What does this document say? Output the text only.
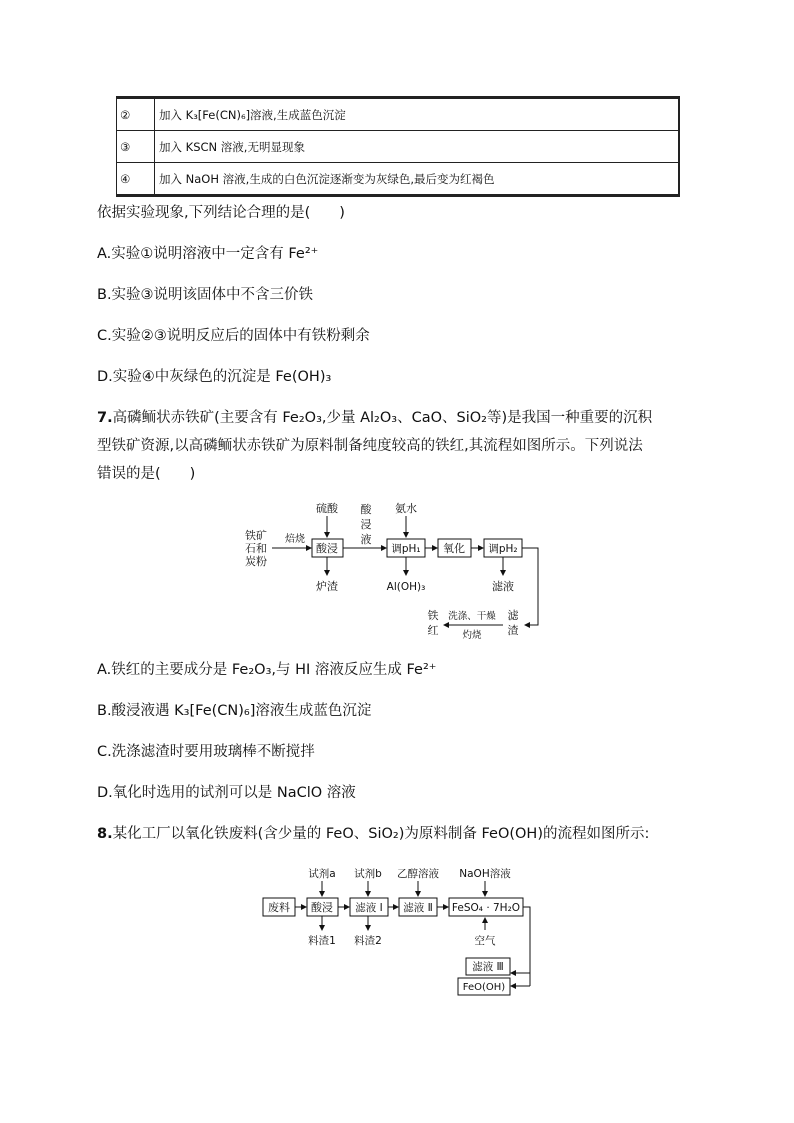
②	加入 K₃[Fe(CN)₆]溶液,生成蓝色沉淀
③	加入 KSCN 溶液,无明显现象
④	加入 NaOH 溶液,生成的白色沉淀逐渐变为灰绿色,最后变为红褐色
依据实验现象,下列结论合理的是(　　)
A.实验①说明溶液中一定含有 Fe²⁺
B.实验③说明该固体中不含三价铁
C.实验②③说明反应后的固体中有铁粉剩余
D.实验④中灰绿色的沉淀是 Fe(OH)₃
7.高磷鲕状赤铁矿(主要含有 Fe₂O₃,少量 Al₂O₃、CaO、SiO₂等)是我国一种重要的沉积
型铁矿资源,以高磷鲕状赤铁矿为原料制备纯度较高的铁红,其流程如图所示。下列说法
错误的是(　　)
铁矿
石和
炭粉
焙烧
硫酸
酸浸
炉渣
酸
浸
液
氨水
调pH₁
Al(OH)₃
氧化 调pH₂
滤液
滤
渣
洗涤、干燥
灼烧
铁
红
A.铁红的主要成分是 Fe₂O₃,与 HI 溶液反应生成 Fe²⁺
B.酸浸液遇 K₃[Fe(CN)₆]溶液生成蓝色沉淀
C.洗涤滤渣时要用玻璃棒不断搅拌
D.氧化时选用的试剂可以是 NaClO 溶液
8.某化工厂以氧化铁废料(含少量的 FeO、SiO₂)为原料制备 FeO(OH)的流程如图所示:
废料
试剂a
酸浸
料渣1
试剂b
滤液 Ⅰ
料渣2
乙醇溶液
滤液 Ⅱ
NaOH溶液
FeSO₄ · 7H₂O
空气
滤液 Ⅲ
FeO(OH)
